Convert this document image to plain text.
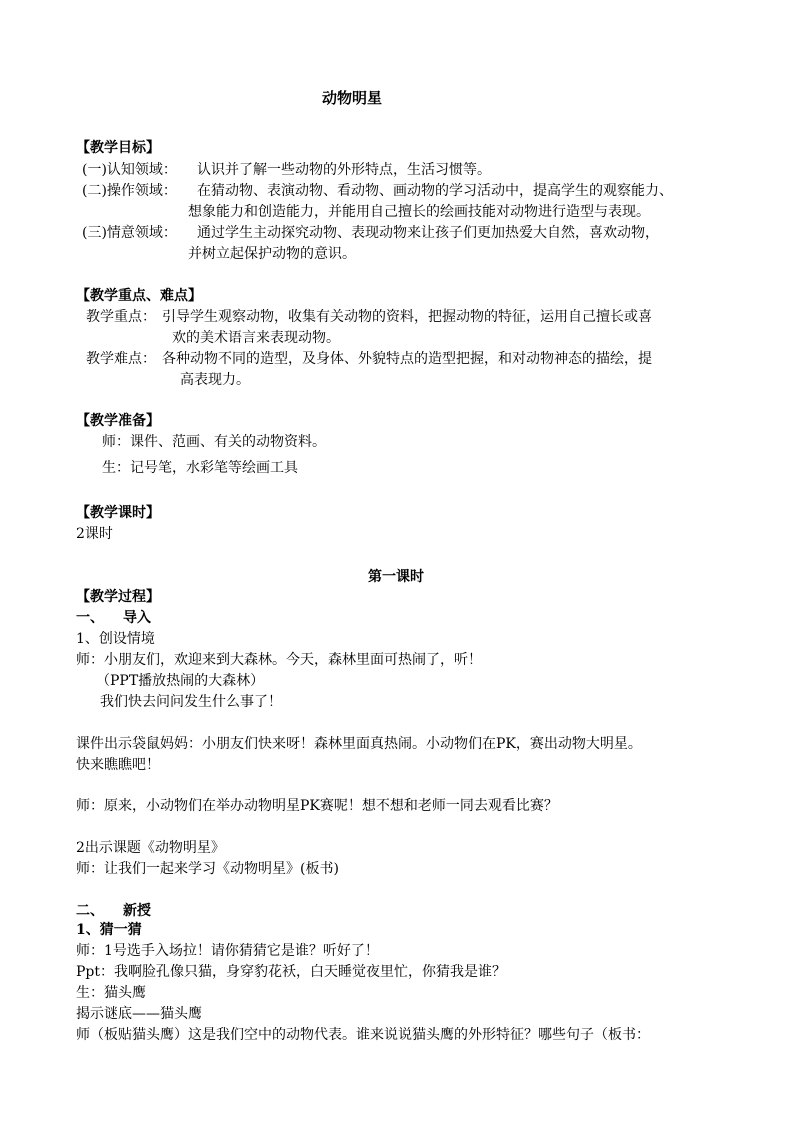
动物明星
【教学目标】
(一)认知领域： 认识并了解一些动物的外形特点，生活习惯等。
(二)操作领域： 在猜动物、表演动物、看动物、画动物的学习活动中，提高学生的观察能力、
想象能力和创造能力，并能用自己擅长的绘画技能对动物进行造型与表现。
(三)情意领域： 通过学生主动探究动物、表现动物来让孩子们更加热爱大自然，喜欢动物，
并树立起保护动物的意识。
【教学重点、难点】
教学重点： 引导学生观察动物，收集有关动物的资料，把握动物的特征，运用自己擅长或喜
欢的美术语言来表现动物。
教学难点： 各种动物不同的造型，及身体、外貌特点的造型把握，和对动物神态的描绘，提
高表现力。
【教学准备】
师：课件、范画、有关的动物资料。
生：记号笔，水彩笔等绘画工具
【教学课时】
2课时
第一课时
【教学过程】
一、 导入
1、创设情境
师：小朋友们，欢迎来到大森林。今天，森林里面可热闹了，听！
（PPT播放热闹的大森林）
我们快去问问发生什么事了！
课件出示袋鼠妈妈：小朋友们快来呀！森林里面真热闹。小动物们在PK，赛出动物大明星。
快来瞧瞧吧！
师：原来，小动物们在举办动物明星PK赛呢！想不想和老师一同去观看比赛？
2出示课题《动物明星》
师：让我们一起来学习《动物明星》(板书)
二、 新授
1、猜一猜
师：1号选手入场拉！请你猜猜它是谁？听好了！
Ppt：我啊脸孔像只猫，身穿豹花袄，白天睡觉夜里忙，你猜我是谁？
生：猫头鹰
揭示谜底——猫头鹰
师（板贴猫头鹰）这是我们空中的动物代表。谁来说说猫头鹰的外形特征？哪些句子（板书：
